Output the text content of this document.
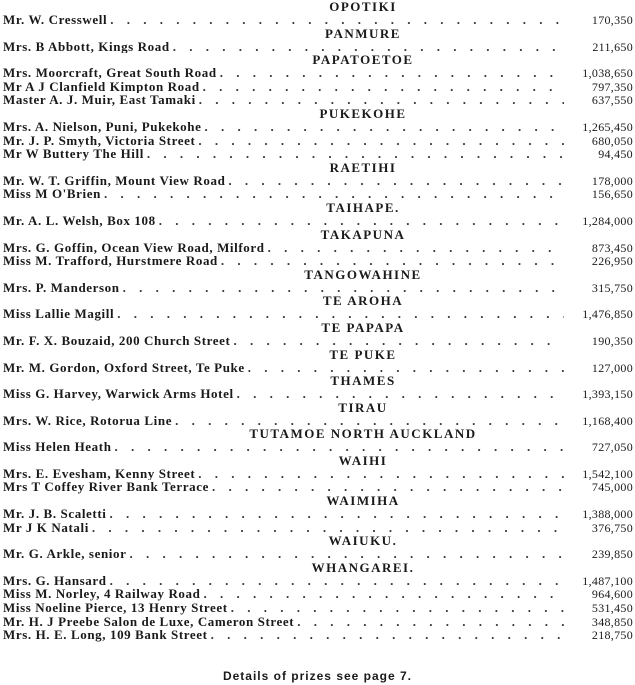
OPOTIKI
Mr. W. Cresswell . . .	170,350
PANMURE
Mrs. B Abbott, Kings Road . . .	211,650
PAPATOETOE
Mrs. Moorcraft, Great South Road . . .	1,038,650
Mr A J Clanfield Kimpton Road . . .	797,350
Master A. J. Muir, East Tamaki . . .	637,550
PUKEKOHE
Mrs. A. Nielson, Puni, Pukekohe . . .	1,265,450
Mr. J. P. Smyth, Victoria Street . . .	680,050
Mr W Buttery The Hill . . .	94,450
RAETIHI
Mr. W. T. Griffin, Mount View Road . . .	178,000
Miss M O'Brien . . .	156,650
TAIHAPE.
Mr. A. L. Welsh, Box 108 . . .	1,284,000
TAKAPUNA
Mrs. G. Goffin, Ocean View Road, Milford . . .	873,450
Miss M. Trafford, Hurstmere Road . . .	226,950
TANGOWAHINE
Mrs. P. Manderson . . .	315,750
TE AROHA
Miss Lallie Magill . . .	1,476,850
TE PAPAPA
Mr. F. X. Bouzaid, 200 Church Street . . .	190,350
TE PUKE
Mr. M. Gordon, Oxford Street, Te Puke . . .	127,000
THAMES
Miss G. Harvey, Warwick Arms Hotel . . .	1,393,150
TIRAU
Mrs. W. Rice, Rotorua Line . . .	1,168,400
TUTAMOE NORTH AUCKLAND
Miss Helen Heath . . .	727,050
WAIHI
Mrs. E. Evesham, Kenny Street . . .	1,542,100
Mrs T Coffey River Bank Terrace . . .	745,000
WAIMIHA
Mr. J. B. Scaletti . . .	1,388,000
Mr J K Natali . . .	376,750
WAIUKU.
Mr. G. Arkle, senior . . .	239,850
WHANGAREI.
Mrs. G. Hansard . . .	1,487,100
Miss M. Norley, 4 Railway Road . . .	964,600
Miss Noeline Pierce, 13 Henry Street . . .	531,450
Mr. H. J Preebe Salon de Luxe, Cameron Street . . .	348,850
Mrs. H. E. Long, 109 Bank Street . . .	218,750
Details of prizes see page 7.
